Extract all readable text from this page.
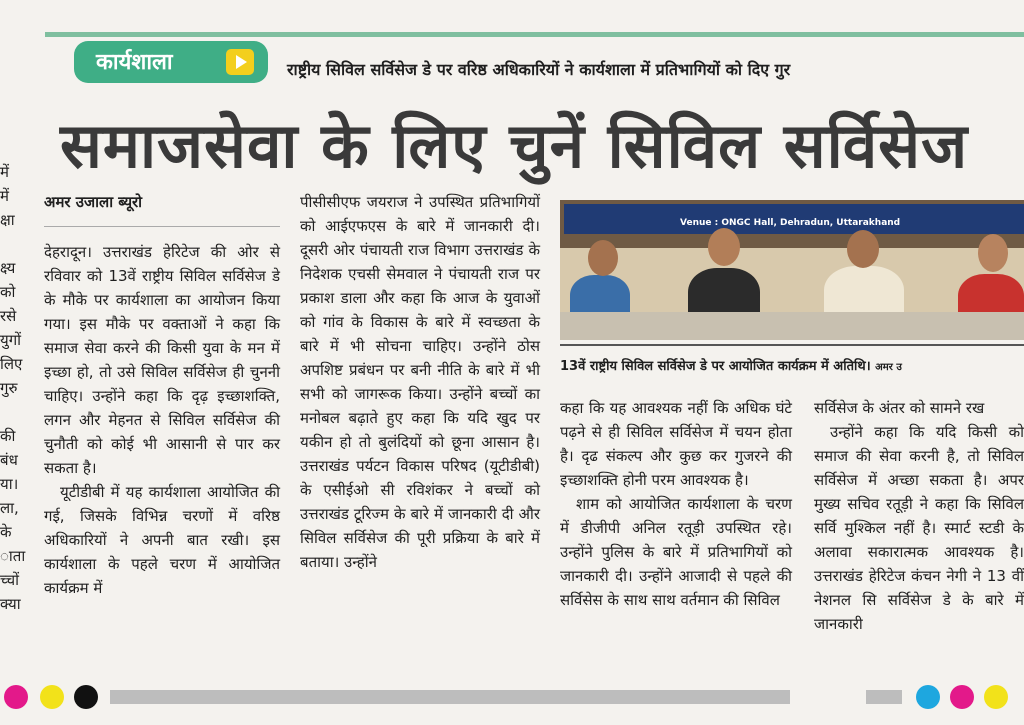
कार्यशाला	राष्ट्रीय सिविल सर्विसेज डे पर वरिष्ठ अधिकारियों ने कार्यशाला में प्रतिभागियों को दिए गुर
समाजसेवा के लिए चुनें सिविल सर्विसेज
में
में
क्षा
क्ष्य
को
रसे
युगों
लिए
गुरु
की
बंध
या।
ला,
के
ाता
च्चों
क्या
अमर उजाला ब्यूरो

देहरादून। उत्तराखंड हेरिटेज की ओर से रविवार को 13वें राष्ट्रीय सिविल सर्विसेज डे के मौके पर कार्यशाला का आयोजन किया गया। इस मौके पर वक्ताओं ने कहा कि समाज सेवा करने की किसी युवा के मन में इच्छा हो, तो उसे सिविल सर्विसेज ही चुननी चाहिए। उन्होंने कहा कि दृढ़ इच्छाशक्ति, लगन और मेहनत से सिविल सर्विसेज की चुनौती को कोई भी आसानी से पार कर सकता है।

यूटीडीबी में यह कार्यशाला आयोजित की गई, जिसके विभिन्न चरणों में वरिष्ठ अधिकारियों ने अपनी बात रखी। इस कार्यशाला के पहले चरण में आयोजित कार्यक्रम में

पीसीसीएफ जयराज ने उपस्थित प्रतिभागियों को आईएफएस के बारे में जानकारी दी। दूसरी ओर पंचायती राज विभाग उत्तराखंड के निदेशक एचसी सेमवाल ने पंचायती राज पर प्रकाश डाला और कहा कि आज के युवाओं को गांव के विकास के बारे में स्वच्छता के बारे में भी सोचना चाहिए। उन्होंने ठोस अपशिष्ट प्रबंधन पर बनी नीति के बारे में भी सभी को जागरूक किया। उन्होंने बच्चों का मनोबल बढ़ाते हुए कहा कि यदि खुद पर यकीन हो तो बुलंदियों को छूना आसान है। उत्तराखंड पर्यटन विकास परिषद (यूटीडीबी) के एसीईओ सी रविशंकर ने बच्चों को उत्तराखंड टूरिज्म के बारे में जानकारी दी और सिविल सर्विसेज की पूरी प्रक्रिया के बारे में बताया। उन्होंने

Venue : ONGC Hall, Dehradun, Uttarakhand
13वें राष्ट्रीय सिविल सर्विसेज डे पर आयोजित कार्यक्रम में अतिथि। अमर उ

कहा कि यह आवश्यक नहीं कि अधिक घंटे पढ़ने से ही सिविल सर्विसेज में चयन होता है। दृढ संकल्प और कुछ कर गुजरने की इच्छाशक्ति होनी परम आवश्यक है।

शाम को आयोजित कार्यशाला के चरण में डीजीपी अनिल रतूड़ी उपस्थित रहे। उन्होंने पुलिस के बारे में प्रतिभागियों को जानकारी दी। उन्होंने आजादी से पहले की सर्विसेस के साथ साथ वर्तमान की सिविल

सर्विसेज के अंतर को सामने रख

उन्होंने कहा कि यदि किसी को समाज की सेवा करनी है, तो सिविल सर्विसेज में अच्छा सकता है। अपर मुख्य सचिव रतूड़ी ने कहा कि सिविल सर्वि मुश्किल नहीं है। स्मार्ट स्टडी के अलावा सकारात्मक आवश्यक है। उत्तराखंड हेरिटेज कंचन नेगी ने 13 वीं नेशनल सि सर्विसेज डे के बारे में जानकारी
